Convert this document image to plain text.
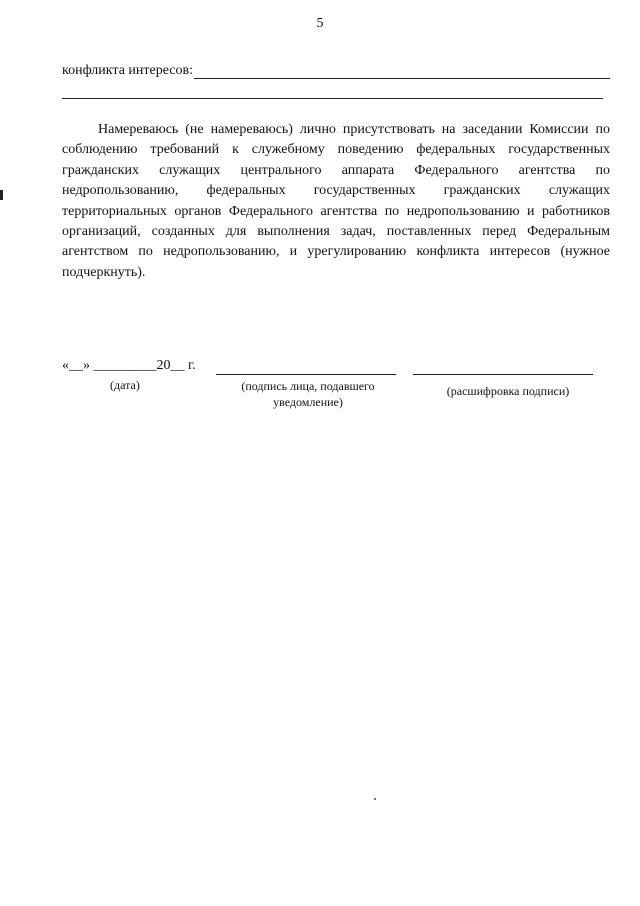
5
конфликта интересов:

Намереваюсь (не намереваюсь) лично присутствовать на заседании Комиссии по соблюдению требований к служебному поведению федеральных государственных гражданских служащих центрального аппарата Федерального агентства по недропользованию, федеральных государственных гражданских служащих территориальных органов Федерального агентства по недропользованию и работников организаций, созданных для выполнения задач, поставленных перед Федеральным агентством по недропользованию, и урегулированию конфликта интересов (нужное подчеркнуть).

«__» _________20__ г.
(дата)	(подпись лица, подавшего уведомление)
(расшифровка подписи)
